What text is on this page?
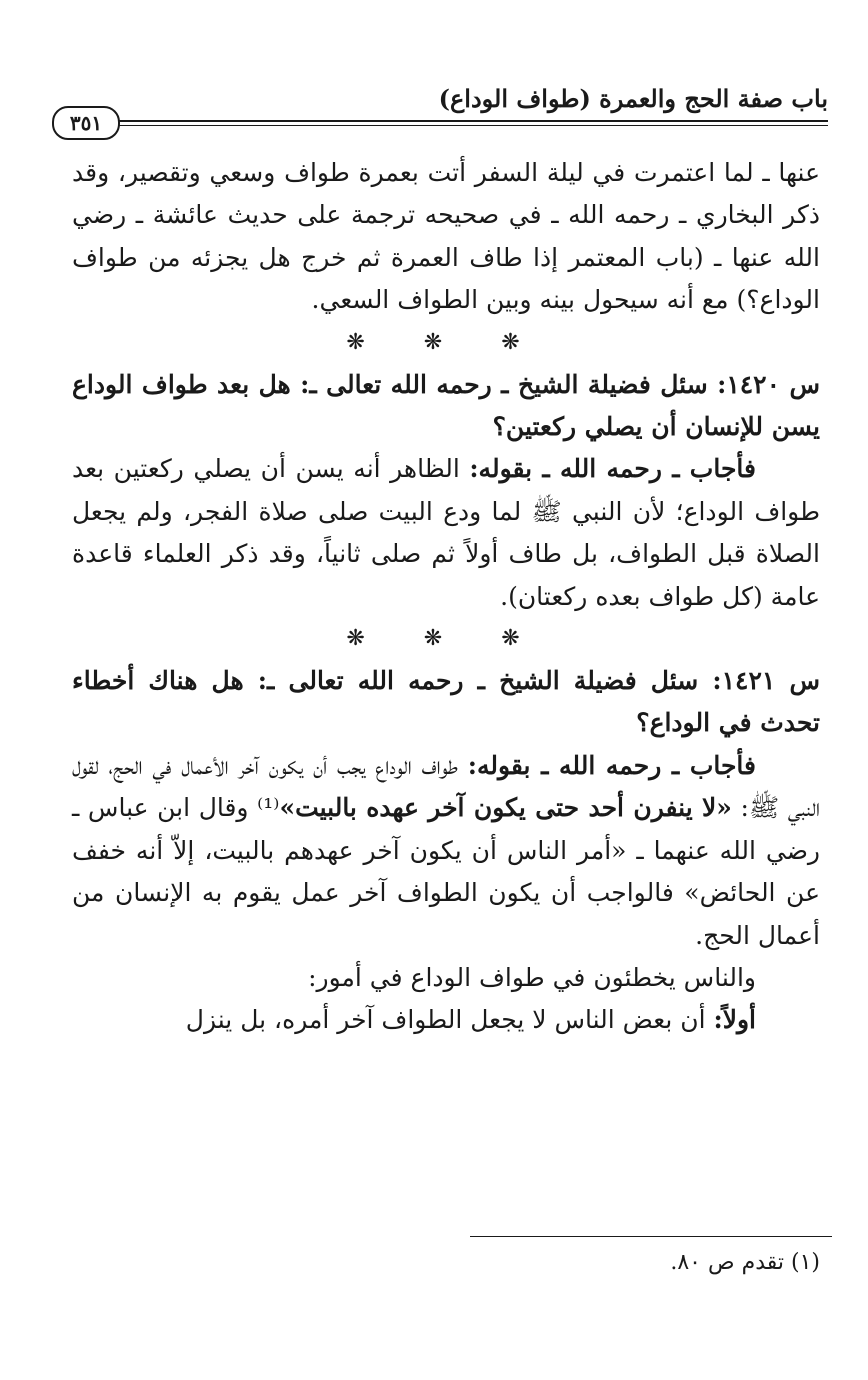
باب صفة الحج والعمرة (طواف الوداع)
٣٥١

عنها ـ لما اعتمرت في ليلة السفر أتت بعمرة طواف وسعي وتقصير، وقد ذكر البخاري ـ رحمه الله ـ في صحيحه ترجمة على حديث عائشة ـ رضي الله عنها ـ (باب المعتمر إذا طاف العمرة ثم خرج هل يجزئه من طواف الوداع؟) مع أنه سيحول بينه وبين الطواف السعي.

❋ ❋ ❋

س ١٤٢٠: سئل فضيلة الشيخ ـ رحمه الله تعالى ـ: هل بعد طواف الوداع يسن للإنسان أن يصلي ركعتين؟

فأجاب ـ رحمه الله ـ بقوله: الظاهر أنه يسن أن يصلي ركعتين بعد طواف الوداع؛ لأن النبي ﷺ لما ودع البيت صلى صلاة الفجر، ولم يجعل الصلاة قبل الطواف، بل طاف أولاً ثم صلى ثانياً، وقد ذكر العلماء قاعدة عامة (كل طواف بعده ركعتان).

❋ ❋ ❋

س ١٤٢١: سئل فضيلة الشيخ ـ رحمه الله تعالى ـ: هل هناك أخطاء تحدث في الوداع؟

فأجاب ـ رحمه الله ـ بقوله: طواف الوداع يجب أن يكون آخر الأعمال في الحج، لقول النبي ﷺ: «لا ينفرن أحد حتى يكون آخر عهده بالبيت»⁽¹⁾ وقال ابن عباس ـ رضي الله عنهما ـ «أمر الناس أن يكون آخر عهدهم بالبيت، إلاّ أنه خفف عن الحائض» فالواجب أن يكون الطواف آخر عمل يقوم به الإنسان من أعمال الحج.

والناس يخطئون في طواف الوداع في أمور:

أولاً: أن بعض الناس لا يجعل الطواف آخر أمره، بل ينزل

(١) تقدم ص ٨٠.
